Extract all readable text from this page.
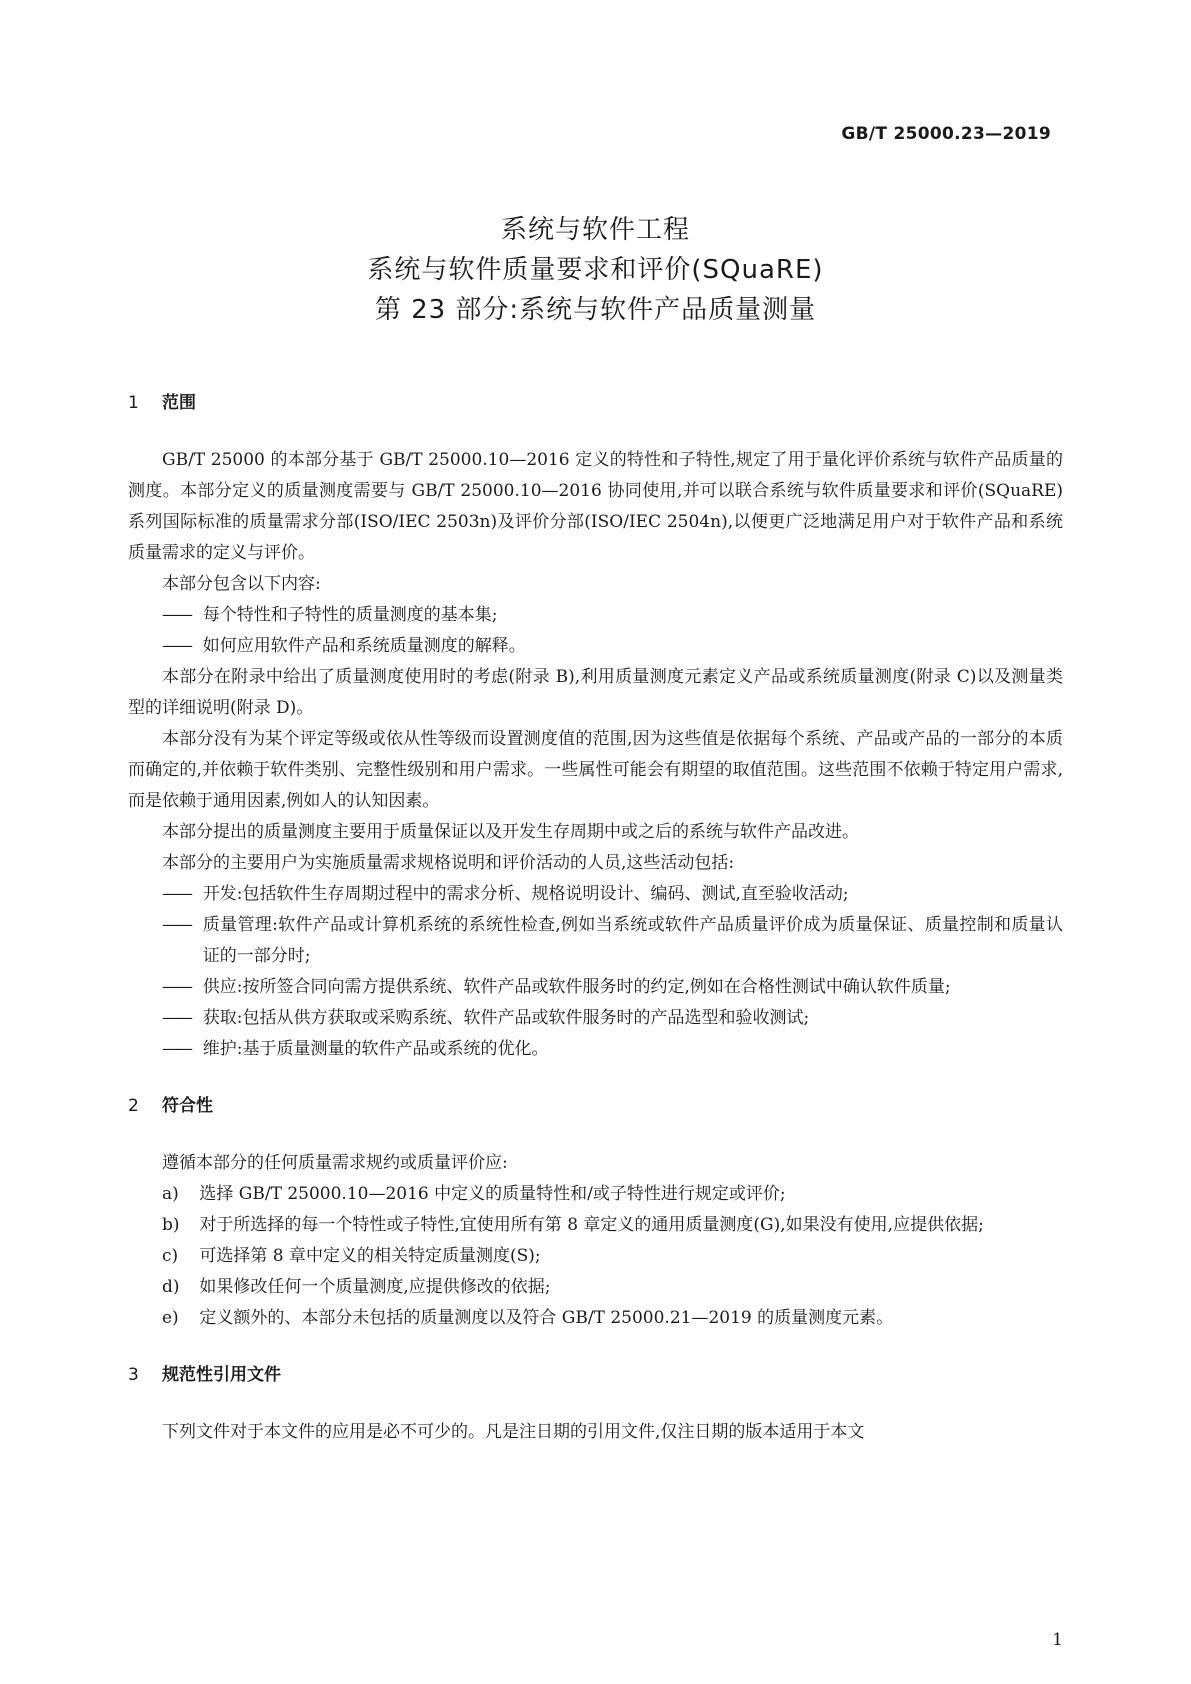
GB/T 25000.23—2019
系统与软件工程
系统与软件质量要求和评价(SQuaRE)
第 23 部分:系统与软件产品质量测量
1 范围

GB/T 25000 的本部分基于 GB/T 25000.10—2016 定义的特性和子特性,规定了用于量化评价系统与软件产品质量的测度。本部分定义的质量测度需要与 GB/T 25000.10—2016 协同使用,并可以联合系统与软件质量要求和评价(SQuaRE)系列国际标准的质量需求分部(ISO/IEC 2503n)及评价分部(ISO/IEC 2504n),以便更广泛地满足用户对于软件产品和系统质量需求的定义与评价。

本部分包含以下内容:

—— 每个特性和子特性的质量测度的基本集;
—— 如何应用软件产品和系统质量测度的解释。

本部分在附录中给出了质量测度使用时的考虑(附录 B),利用质量测度元素定义产品或系统质量测度(附录 C)以及测量类型的详细说明(附录 D)。

本部分没有为某个评定等级或依从性等级而设置测度值的范围,因为这些值是依据每个系统、产品或产品的一部分的本质而确定的,并依赖于软件类别、完整性级别和用户需求。一些属性可能会有期望的取值范围。这些范围不依赖于特定用户需求,而是依赖于通用因素,例如人的认知因素。

本部分提出的质量测度主要用于质量保证以及开发生存周期中或之后的系统与软件产品改进。

本部分的主要用户为实施质量需求规格说明和评价活动的人员,这些活动包括:

—— 开发:包括软件生存周期过程中的需求分析、规格说明设计、编码、测试,直至验收活动;
—— 质量管理:软件产品或计算机系统的系统性检查,例如当系统或软件产品质量评价成为质量保证、质量控制和质量认证的一部分时;
—— 供应:按所签合同向需方提供系统、软件产品或软件服务时的约定,例如在合格性测试中确认软件质量;
—— 获取:包括从供方获取或采购系统、软件产品或软件服务时的产品选型和验收测试;
—— 维护:基于质量测量的软件产品或系统的优化。
2 符合性

遵循本部分的任何质量需求规约或质量评价应:

a)	选择 GB/T 25000.10—2016 中定义的质量特性和/或子特性进行规定或评价;
b)	对于所选择的每一个特性或子特性,宜使用所有第 8 章定义的通用质量测度(G),如果没有使用,应提供依据;
c)	可选择第 8 章中定义的相关特定质量测度(S);
d)	如果修改任何一个质量测度,应提供修改的依据;
e)	定义额外的、本部分未包括的质量测度以及符合 GB/T 25000.21—2019 的质量测度元素。
3 规范性引用文件

下列文件对于本文件的应用是必不可少的。凡是注日期的引用文件,仅注日期的版本适用于本文

1
